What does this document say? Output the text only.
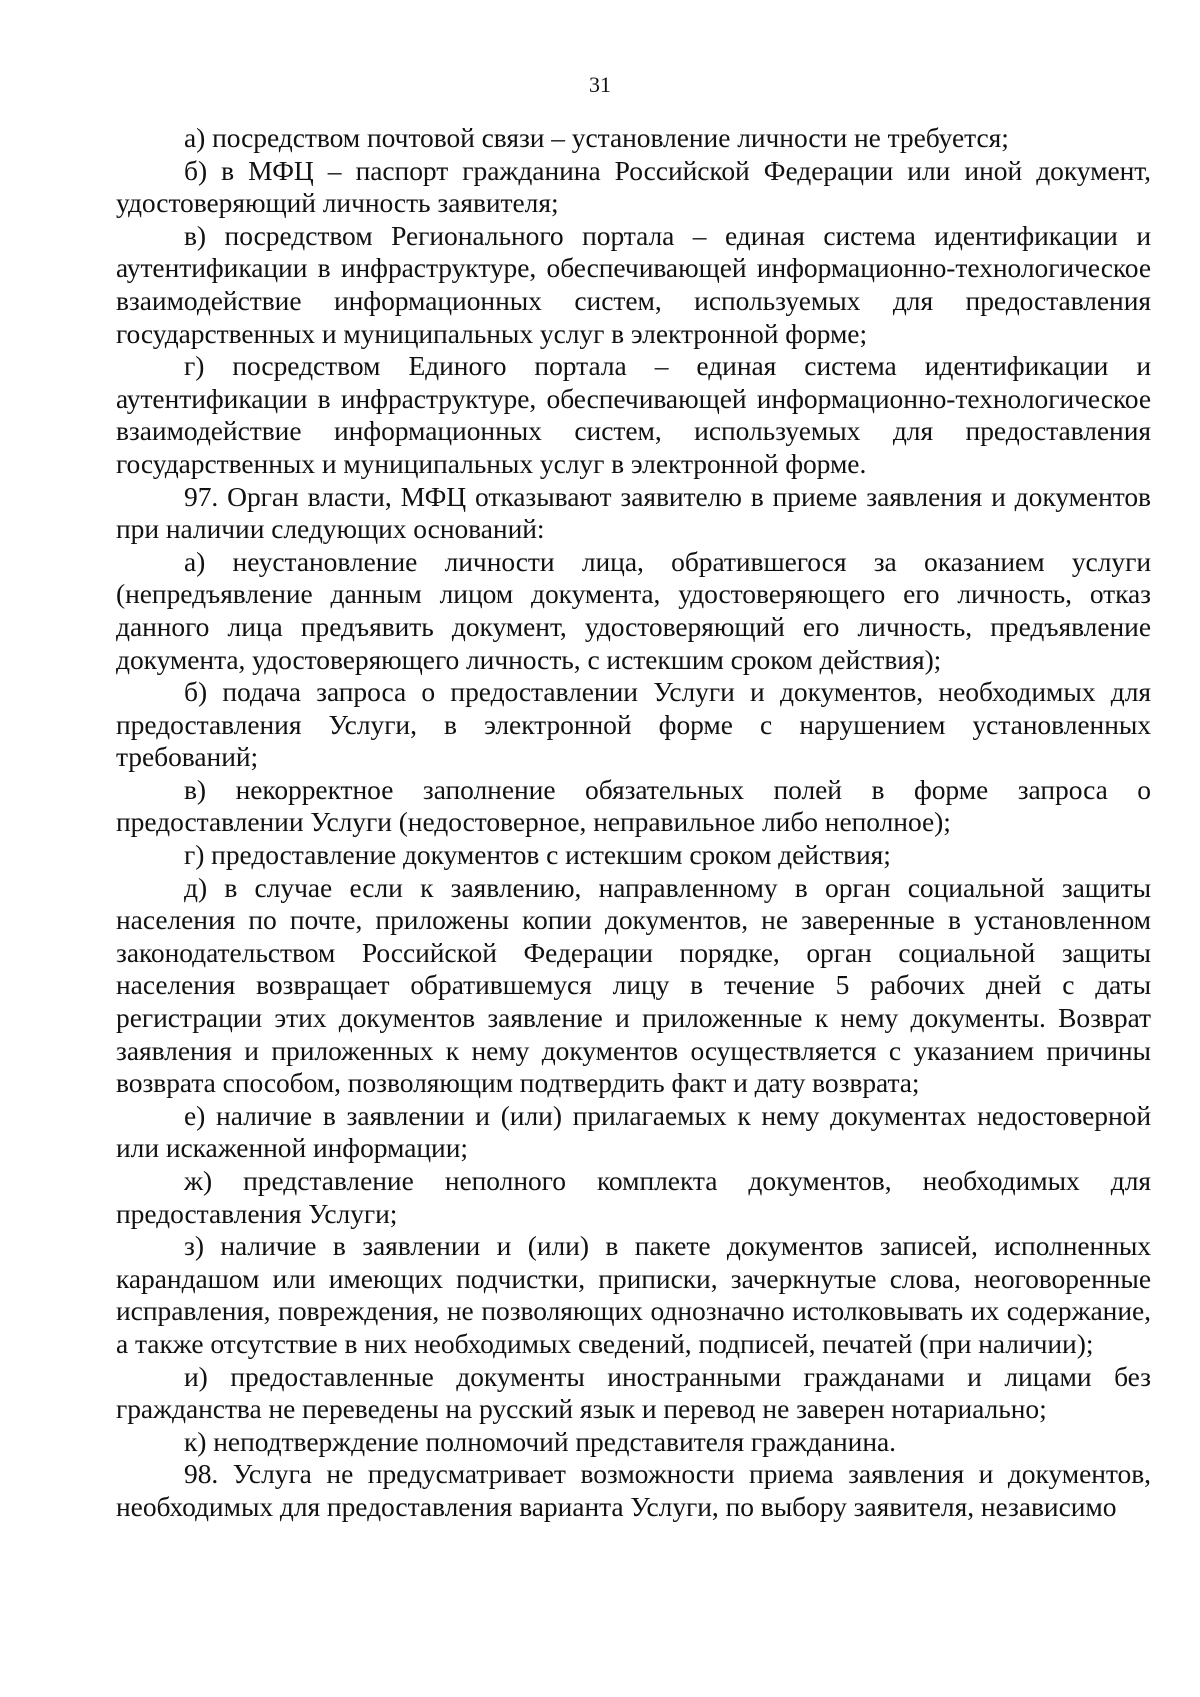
31

а) посредством почтовой связи – установление личности не требуется;

б) в МФЦ – паспорт гражданина Российской Федерации или иной документ, удостоверяющий личность заявителя;

в) посредством Регионального портала – единая система идентификации и аутентификации в инфраструктуре, обеспечивающей информационно-технологическое взаимодействие информационных систем, используемых для предоставления государственных и муниципальных услуг в электронной форме;

г) посредством Единого портала – единая система идентификации и аутентификации в инфраструктуре, обеспечивающей информационно-технологическое взаимодействие информационных систем, используемых для предоставления государственных и муниципальных услуг в электронной форме.

97. Орган власти, МФЦ отказывают заявителю в приеме заявления и документов при наличии следующих оснований:

а) неустановление личности лица, обратившегося за оказанием услуги (непредъявление данным лицом документа, удостоверяющего его личность, отказ данного лица предъявить документ, удостоверяющий его личность, предъявление документа, удостоверяющего личность, с истекшим сроком действия);

б) подача запроса о предоставлении Услуги и документов, необходимых для предоставления Услуги, в электронной форме с нарушением установленных требований;

в) некорректное заполнение обязательных полей в форме запроса о предоставлении Услуги (недостоверное, неправильное либо неполное);

г) предоставление документов с истекшим сроком действия;

д) в случае если к заявлению, направленному в орган социальной защиты населения по почте, приложены копии документов, не заверенные в установленном законодательством Российской Федерации порядке, орган социальной защиты населения возвращает обратившемуся лицу в течение 5 рабочих дней с даты регистрации этих документов заявление и приложенные к нему документы. Возврат заявления и приложенных к нему документов осуществляется с указанием причины возврата способом, позволяющим подтвердить факт и дату возврата;

е) наличие в заявлении и (или) прилагаемых к нему документах недостоверной или искаженной информации;

ж) представление неполного комплекта документов, необходимых для предоставления Услуги;

з) наличие в заявлении и (или) в пакете документов записей, исполненных карандашом или имеющих подчистки, приписки, зачеркнутые слова, неоговоренные исправления, повреждения, не позволяющих однозначно истолковывать их содержание, а также отсутствие в них необходимых сведений, подписей, печатей (при наличии);

и) предоставленные документы иностранными гражданами и лицами без гражданства не переведены на русский язык и перевод не заверен нотариально;

к) неподтверждение полномочий представителя гражданина.

98. Услуга не предусматривает возможности приема заявления и документов, необходимых для предоставления варианта Услуги, по выбору заявителя, независимо
